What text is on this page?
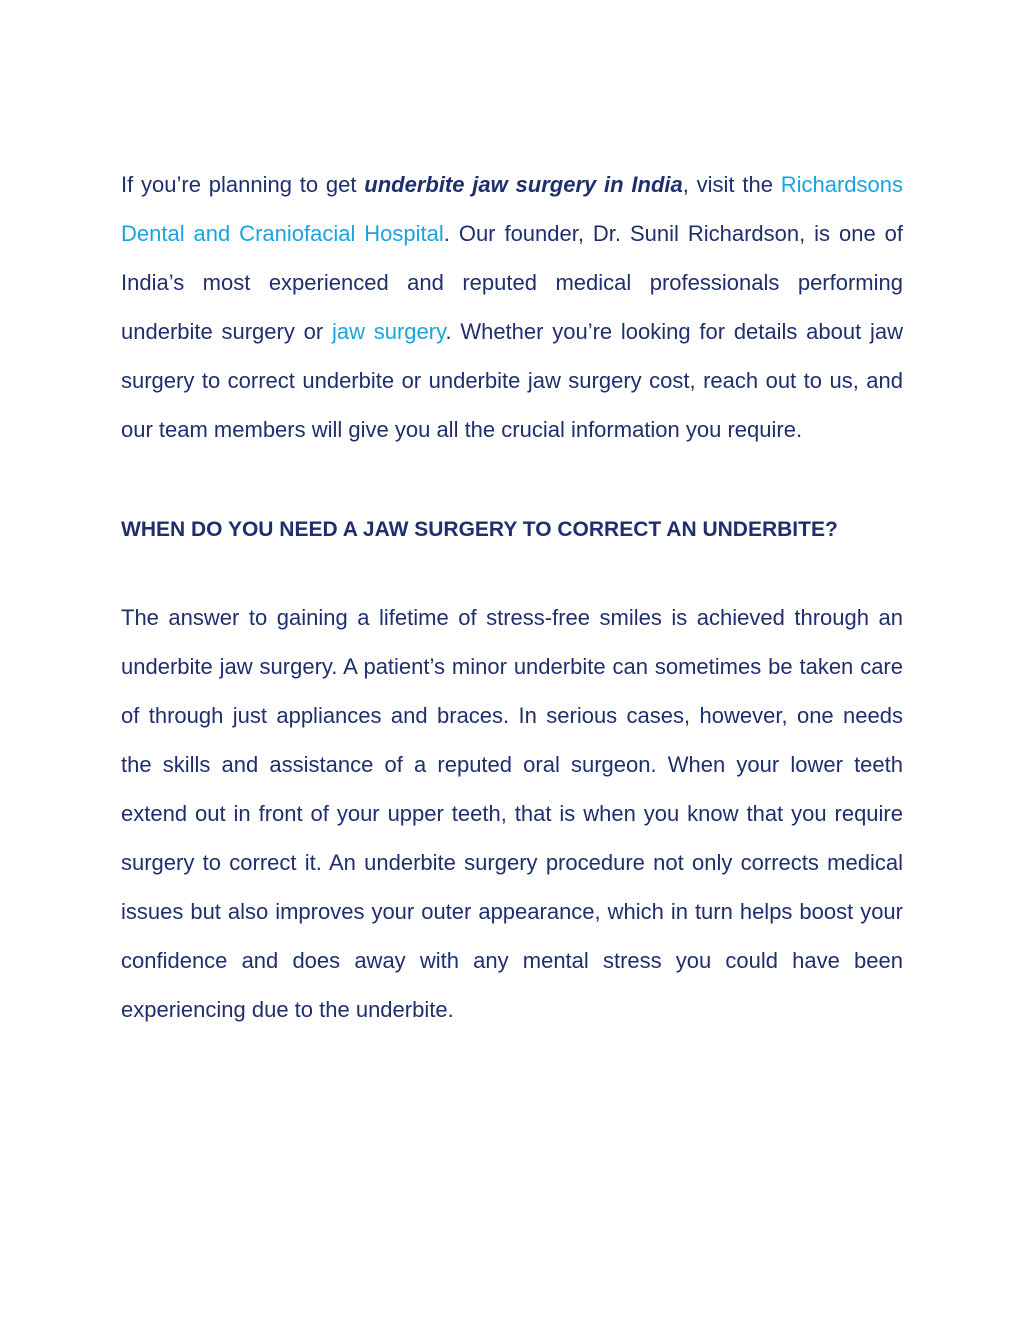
If you’re planning to get underbite jaw surgery in India, visit the Richardsons Dental and Craniofacial Hospital. Our founder, Dr. Sunil Richardson, is one of India’s most experienced and reputed medical professionals performing underbite surgery or jaw surgery. Whether you’re looking for details about jaw surgery to correct underbite or underbite jaw surgery cost, reach out to us, and our team members will give you all the crucial information you require.

WHEN DO YOU NEED A JAW SURGERY TO CORRECT AN UNDERBITE?

The answer to gaining a lifetime of stress-free smiles is achieved through an underbite jaw surgery. A patient’s minor underbite can sometimes be taken care of through just appliances and braces. In serious cases, however, one needs the skills and assistance of a reputed oral surgeon. When your lower teeth extend out in front of your upper teeth, that is when you know that you require surgery to correct it. An underbite surgery procedure not only corrects medical issues but also improves your outer appearance, which in turn helps boost your confidence and does away with any mental stress you could have been experiencing due to the underbite.
